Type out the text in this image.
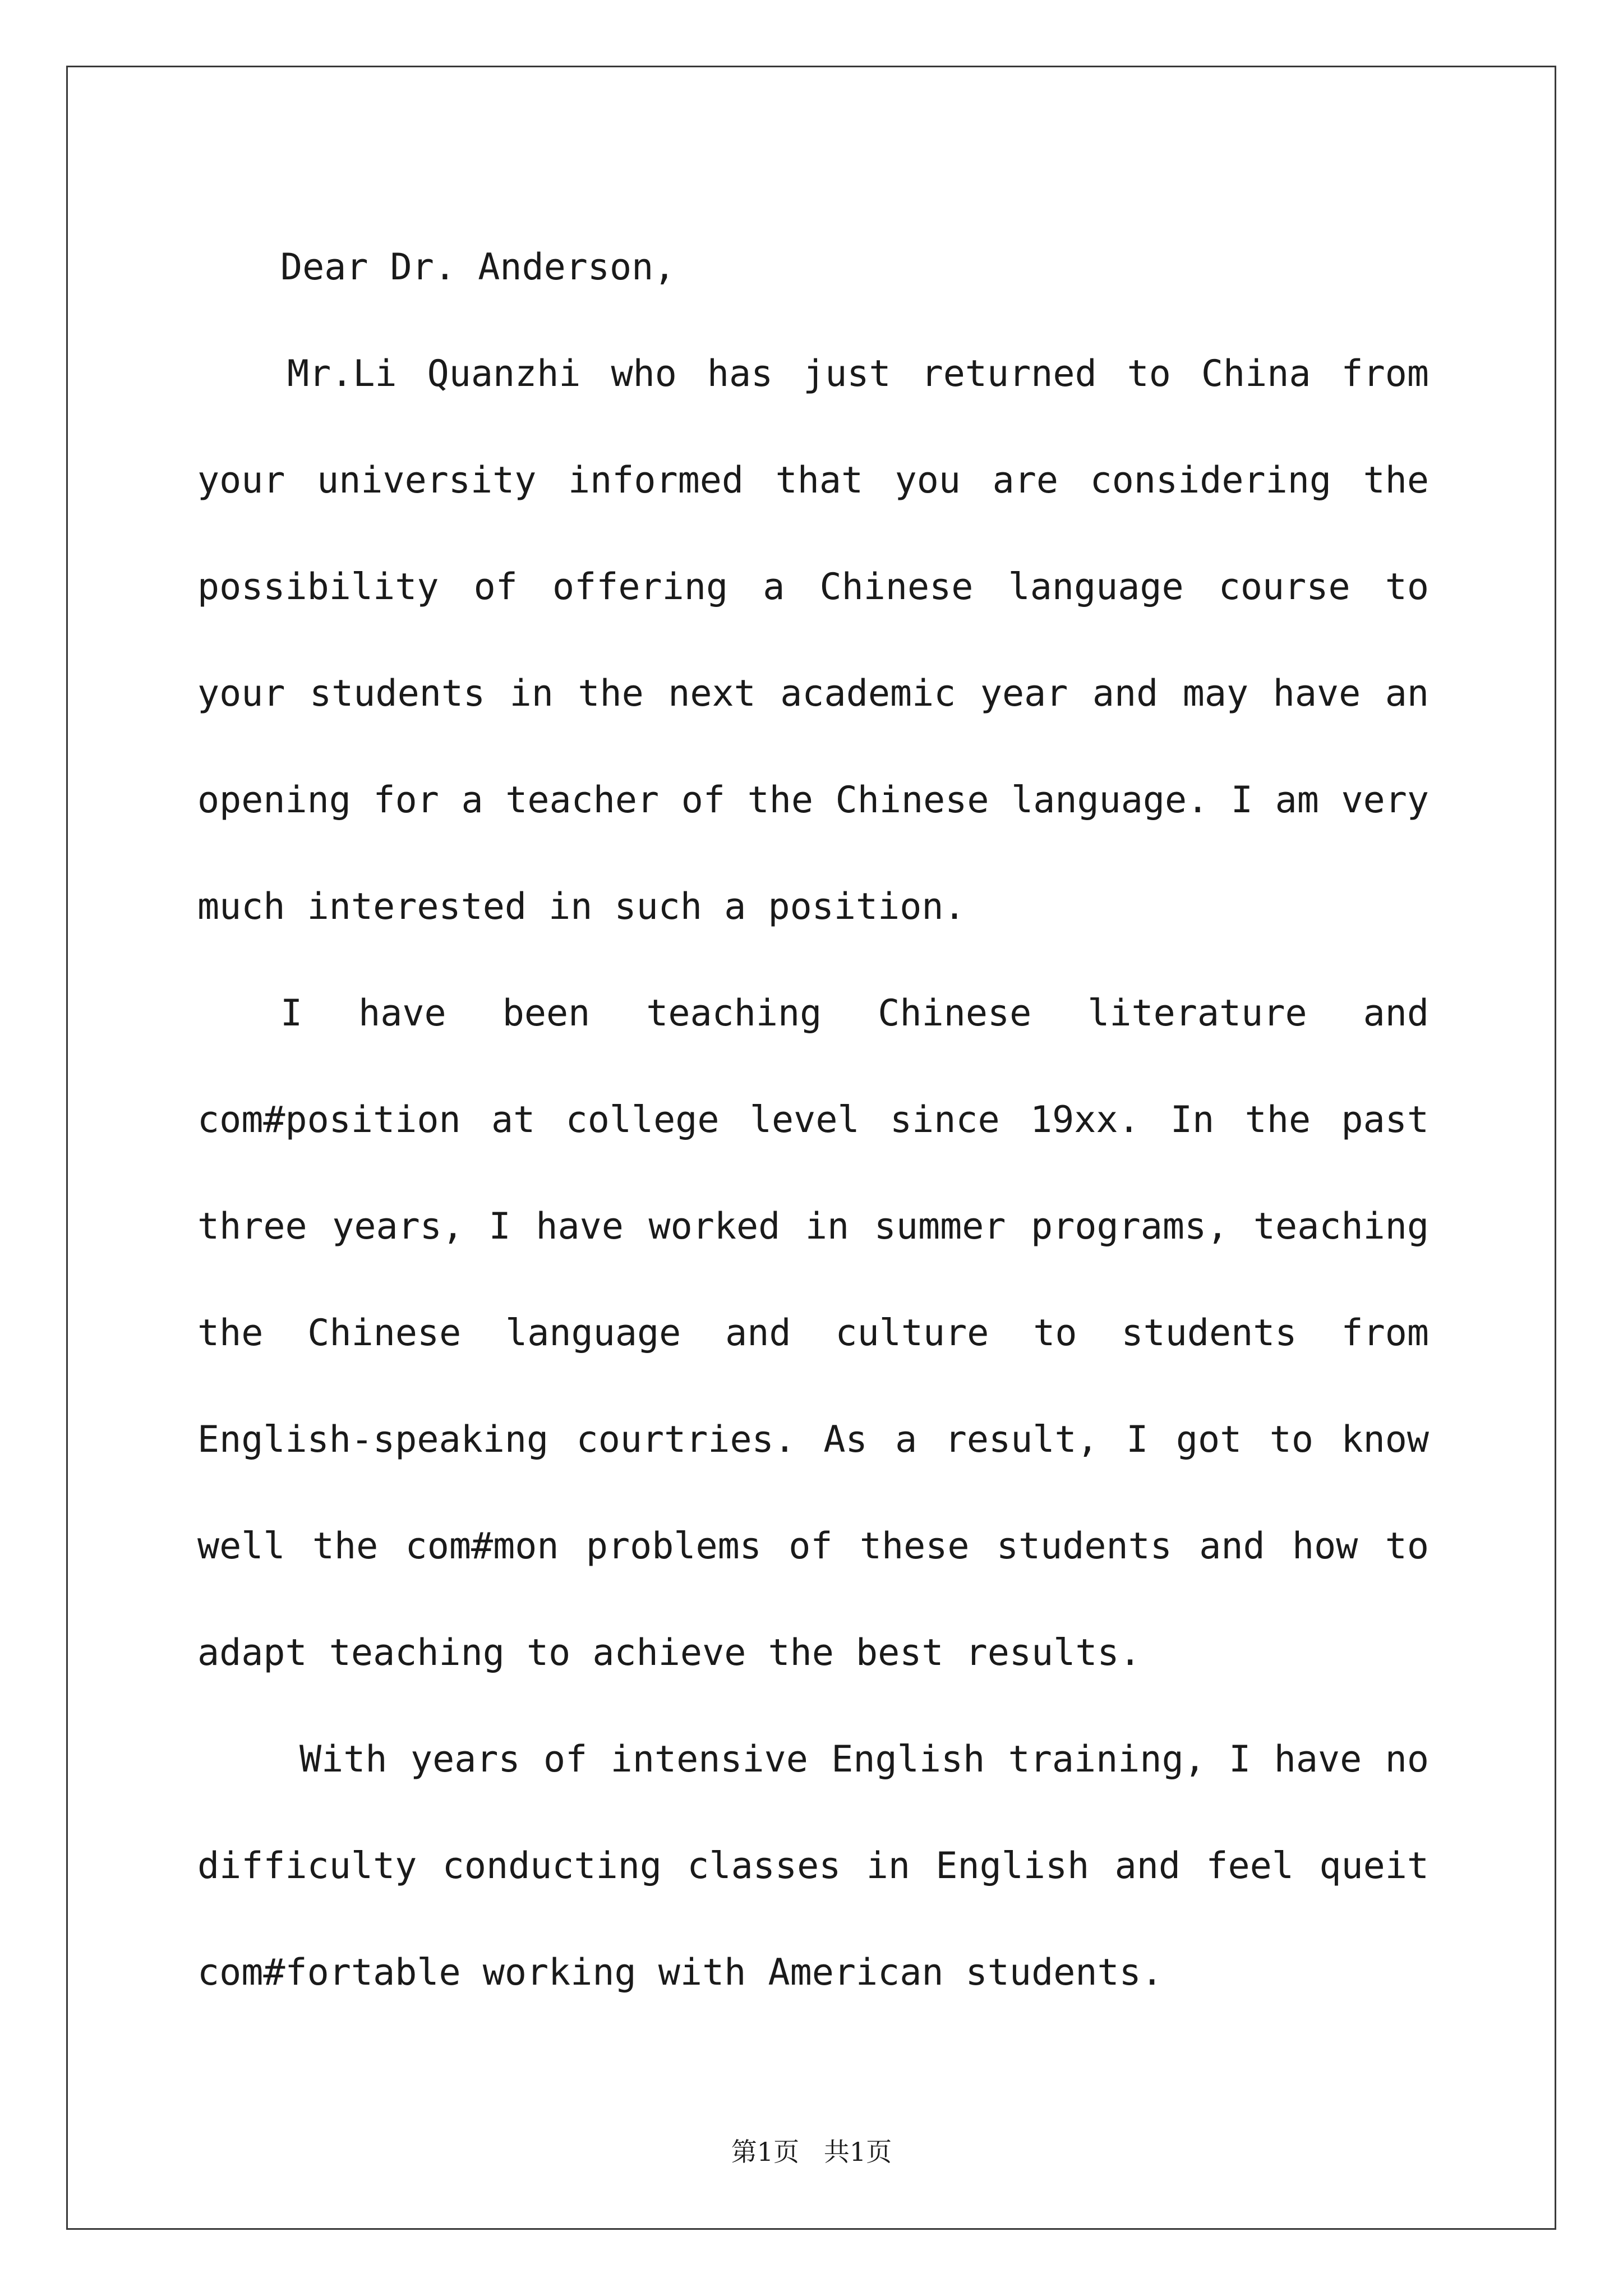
Dear Dr. Anderson,

Mr.Li Quanzhi who has just returned to China from your university informed that you are considering the possibility of offering a Chinese language course to your students in the next academic year and may have an opening for a teacher of the Chinese language. I am very much interested in such a position.

I have been teaching Chinese literature and com#position at college level since 19xx. In the past three years, I have worked in summer programs, teaching the Chinese language and culture to students from English-speaking courtries. As a result, I got to know well the com#mon problems of these students and how to adapt teaching to achieve the best results.

With years of intensive English training, I have no difficulty conducting classes in English and feel queit com#fortable working with American students.

第1页   共1页
